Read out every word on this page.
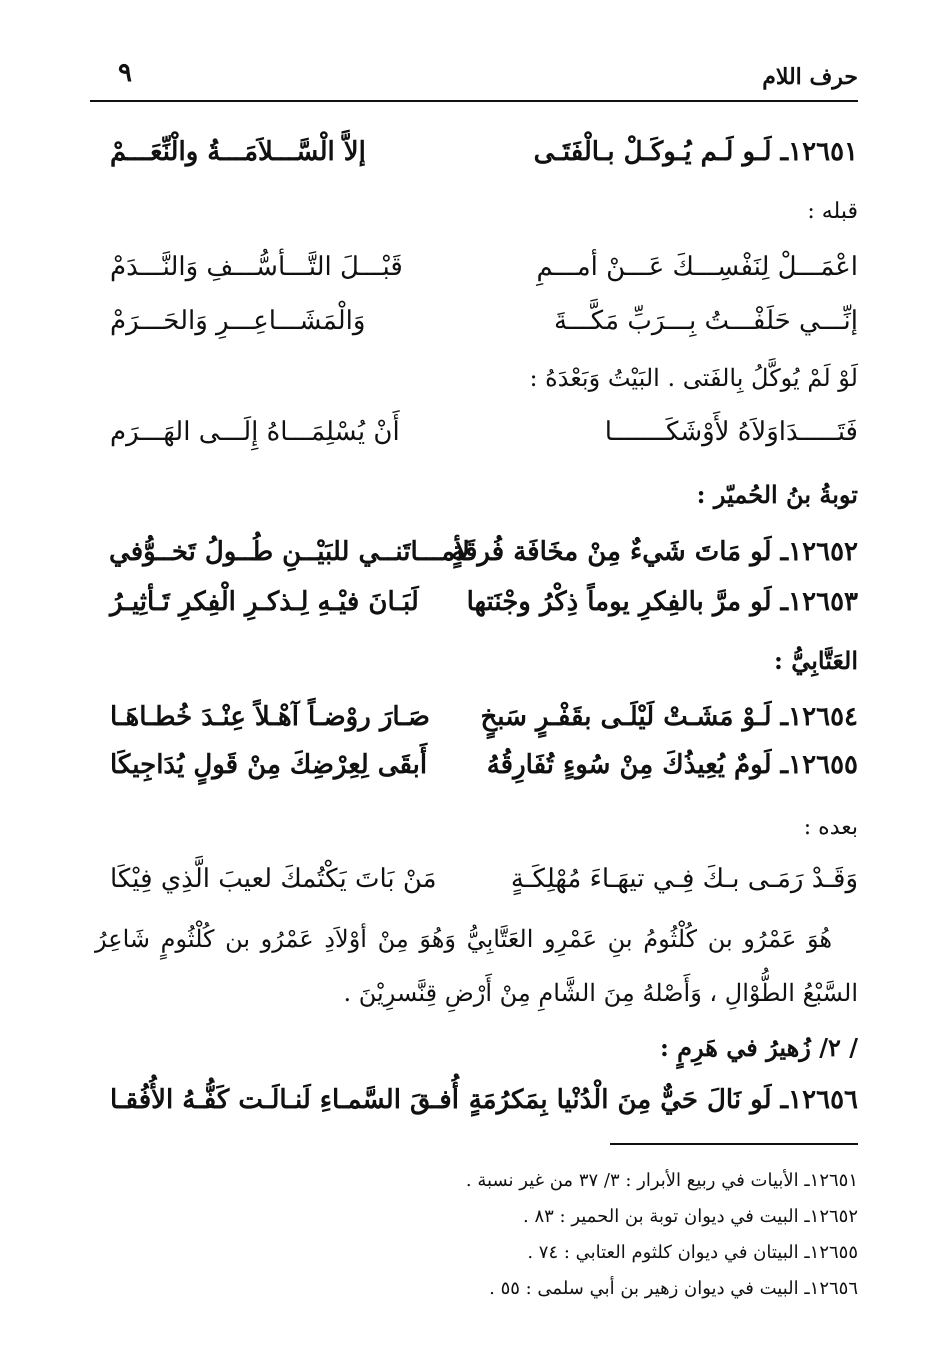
حرف اللام
٩
١٢٦٥١ـ لَـو لَـم يُـوكَـلْ بـالْفَتَـى
إلاَّ الْسَّـــلاَمَـــةُ والْنِّعَـــمْ
قبله :
اعْمَـــلْ لِنَفْسِـــكَ عَـــنْ أمـــمِ
قَبْـــلَ التَّـــأسُّـــفِ وَالنَّـــدَمْ
إنِّـــي حَلَفْـــتُ بِـــرَبِّ مَكَّـــةَ
وَالْمَشَـــاعِـــرِ وَالحَـــرَمْ
لَوْ لَمْ يُوكَّلُ بِالفَتى . البَيْتُ وَبَعْدَهُ :
فَتَـــــدَاوَلاَهُ لأَوْشَكَـــــــا
أَنْ يُسْلِمَـــاهُ إِلَـــى الهَـــرَم
توبةُ بنُ الحُميّر :
١٢٦٥٢ـ لَو مَاتَ شَيءٌ مِنْ مخَافَة فُرقَةٍ
لأمـــاتَنــي للبَيْــنِ طُــولُ تَخــوُّفي
١٢٦٥٣ـ لَو مرَّ بالفِكرِ يوماً ذِكْرُ وجْنَتها
لَبَـانَ فيْـهِ لِـذكـرِ الْفِكرِ تَـأثِيـرُ
العَتَّابِيُّ :
١٢٦٥٤ـ لَـوْ مَشَـتْ لَيْلَـى بقَفْـرٍ سَبخٍ
صَـارَ روْضـاً آهْـلاً عِنْـدَ خُطـاهَـا
١٢٦٥٥ـ لَومٌ يُعِيذُكَ مِنْ سُوءٍ تُفَارِقُهُ
أَبقَى لِعِرْضِكَ مِنْ قَولٍ يُدَاجِيكَا
بعده :
وَقَـدْ رَمَـى بـكَ فِـي تيهَـاءَ مُهْلِكَـةٍ
مَنْ بَاتَ يَكْتُمكَ لعيبَ الَّذِي فِيْكَا
هُوَ عَمْرُو بن كُلْثُومُ بنِ عَمْرِو العَتَّابِيُّ وَهُوَ مِنْ أوْلاَدِ عَمْرُو بن كُلْثُومٍ شَاعِرُ السَّبْعُ الطُّوْالِ ، وَأَصْلهُ مِنَ الشَّامِ مِنْ أَرْضِ قِنَّسرِيْنَ .
/ ٢/ زُهيرُ في هَرِمٍ :
١٢٦٥٦ـ لَو نَالَ حَيٌّ مِنَ الْدُنْيا بِمَكرُمَةٍ
أُفـقَ السَّمـاءِ لَنـالَـت كَفُّـهُ الأُفُقـا
١٢٦٥١ـ الأبيات في ربيع الأبرار : ٣/ ٣٧ من غير نسبة .
١٢٦٥٢ـ البيت في ديوان توبة بن الحمير : ٨٣ .
١٢٦٥٥ـ البيتان في ديوان كلثوم العتابي : ٧٤ .
١٢٦٥٦ـ البيت في ديوان زهير بن أبي سلمى : ٥٥ .
